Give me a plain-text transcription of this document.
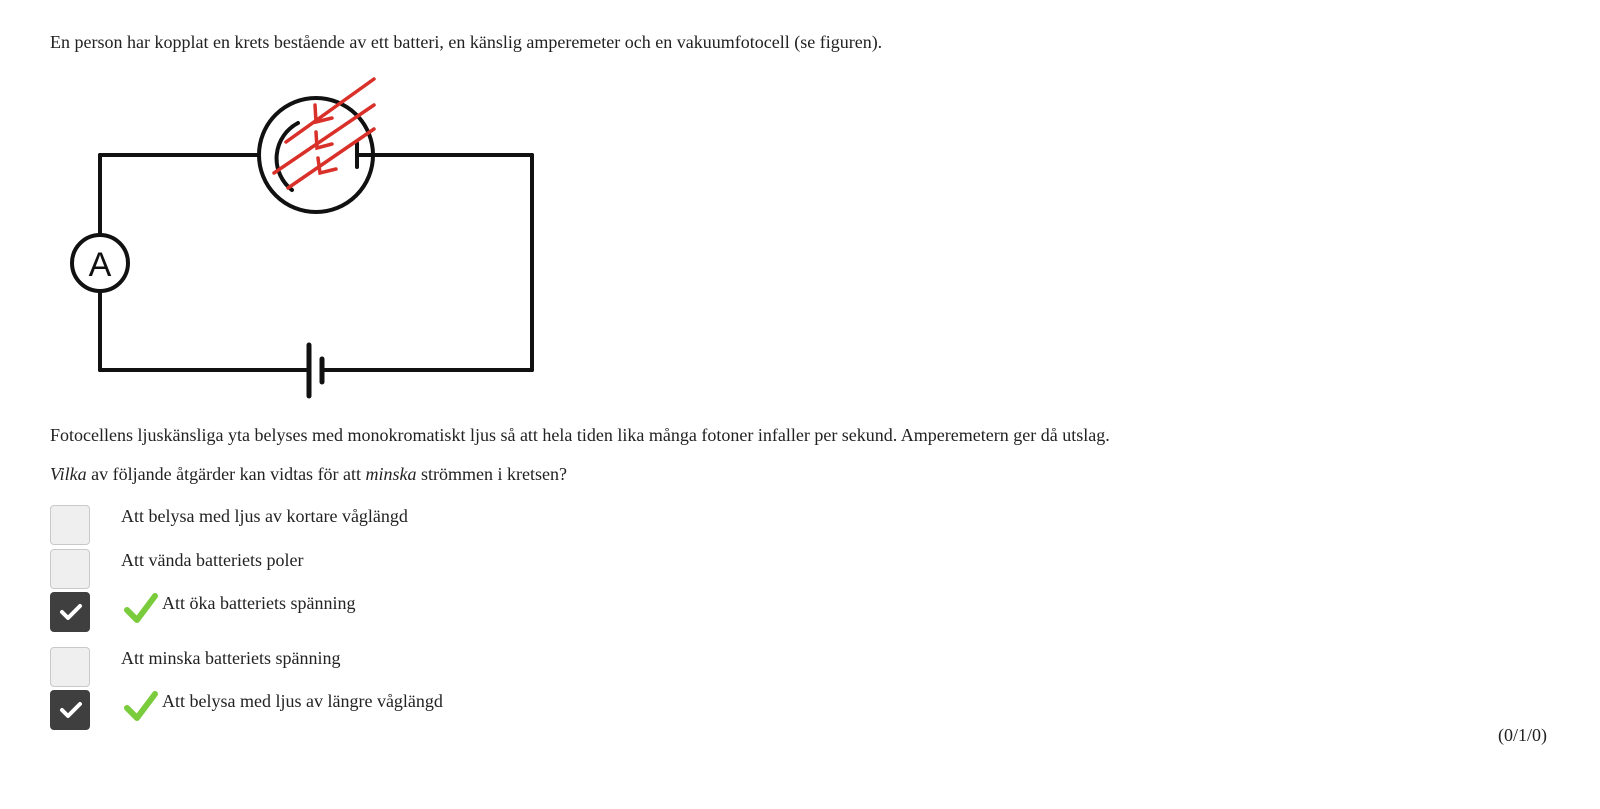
En person har kopplat en krets bestående av ett batteri, en känslig amperemeter och en vakuumfotocell (se figuren).
A
Fotocellens ljuskänsliga yta belyses med monokromatiskt ljus så att hela tiden lika många fotoner infaller per sekund. Amperemetern ger då utslag.
Vilka av följande åtgärder kan vidtas för att minska strömmen i kretsen?
Att belysa med ljus av kortare våglängd
Att vända batteriets poler
Att öka batteriets spänning
Att minska batteriets spänning
Att belysa med ljus av längre våglängd
(0/1/0)
